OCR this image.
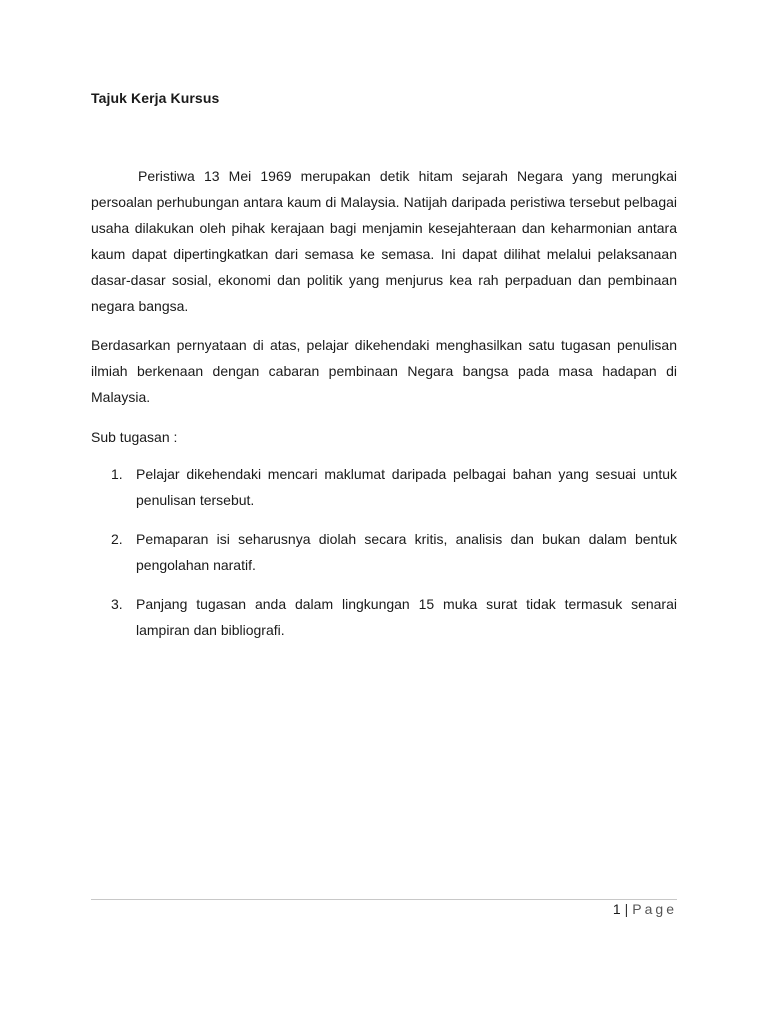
Tajuk Kerja Kursus

Peristiwa 13 Mei 1969 merupakan detik hitam sejarah Negara yang merungkai persoalan perhubungan antara kaum di Malaysia. Natijah daripada peristiwa tersebut pelbagai usaha dilakukan oleh pihak kerajaan bagi menjamin kesejahteraan dan keharmonian antara kaum dapat dipertingkatkan dari semasa ke semasa. Ini dapat dilihat melalui pelaksanaan dasar-dasar sosial, ekonomi dan politik yang menjurus kea rah perpaduan dan pembinaan negara bangsa.

Berdasarkan pernyataan di atas, pelajar dikehendaki menghasilkan satu tugasan penulisan ilmiah berkenaan dengan cabaran pembinaan Negara bangsa pada masa hadapan di Malaysia.

Sub tugasan :

1. Pelajar dikehendaki mencari maklumat daripada pelbagai bahan yang sesuai untuk penulisan tersebut.
2. Pemaparan isi seharusnya diolah secara kritis, analisis dan bukan dalam bentuk pengolahan naratif.
3. Panjang tugasan anda dalam lingkungan 15 muka surat tidak termasuk senarai lampiran dan bibliografi.
1 | Page
